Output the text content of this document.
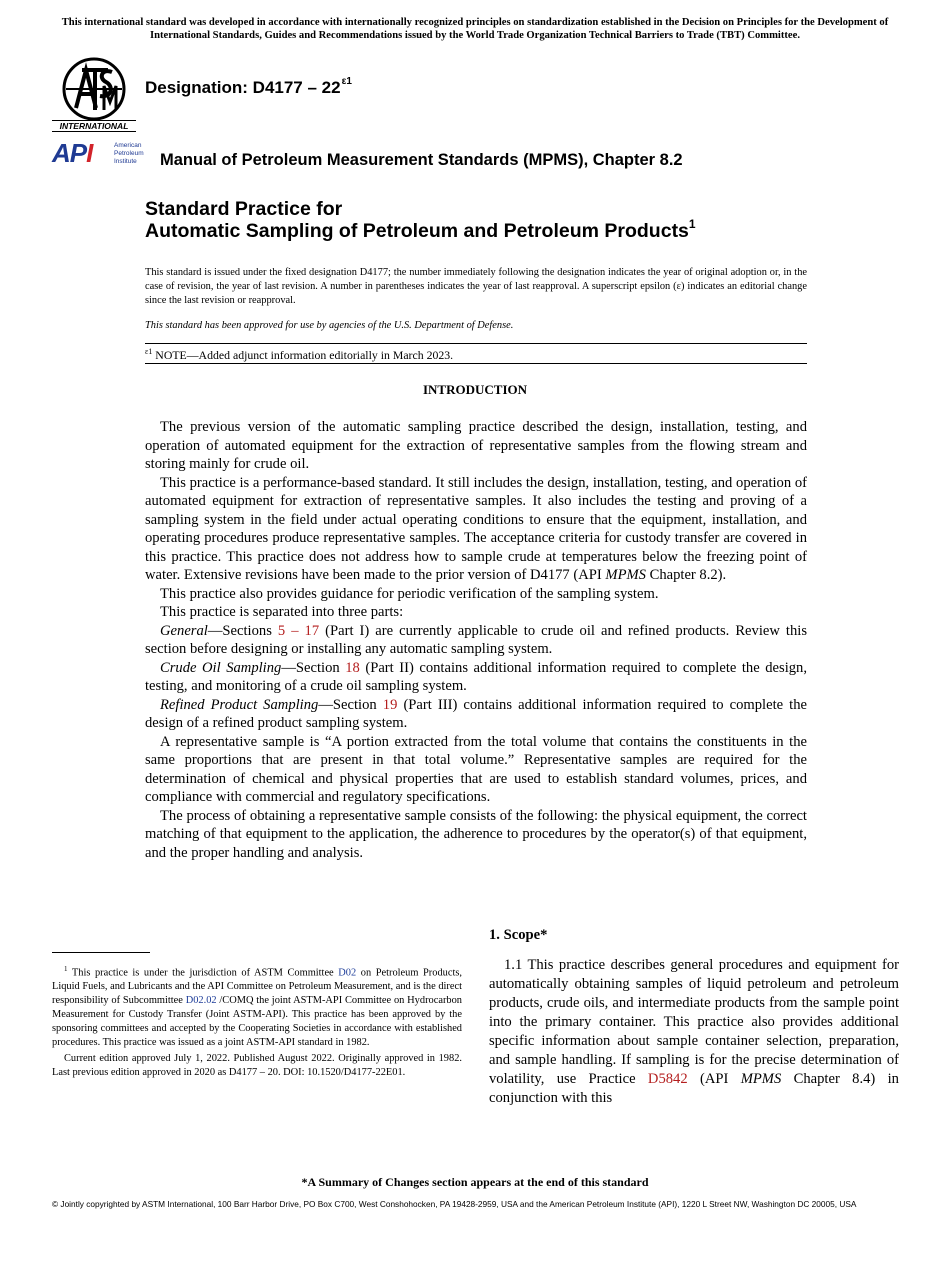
This international standard was developed in accordance with internationally recognized principles on standardization established in the Decision on Principles for the Development of International Standards, Guides and Recommendations issued by the World Trade Organization Technical Barriers to Trade (TBT) Committee.
INTERNATIONAL
Designation: $D4177 - 22^{\varepsilon 1}$
API	American
Petroleum
Institute	Manual of Petroleum Measurement Standards (MPMS), Chapter 8.2
Standard Practice for
Automatic Sampling of Petroleum and Petroleum Products$^1$
This standard is issued under the fixed designation D4177; the number immediately following the designation indicates the year of original adoption or, in the case of revision, the year of last revision. A number in parentheses indicates the year of last reapproval. A superscript epsilon (ε) indicates an editorial change since the last revision or reapproval.
This standard has been approved for use by agencies of the U.S. Department of Defense.
$^{\varepsilon 1}$ NOTE—Added adjunct information editorially in March 2023.
INTRODUCTION

The previous version of the automatic sampling practice described the design, installation, testing, and operation of automated equipment for the extraction of representative samples from the flowing stream and storing mainly for crude oil.

This practice is a performance-based standard. It still includes the design, installation, testing, and operation of automated equipment for extraction of representative samples. It also includes the testing and proving of a sampling system in the field under actual operating conditions to ensure that the equipment, installation, and operating procedures produce representative samples. The acceptance criteria for custody transfer are covered in this practice. This practice does not address how to sample crude at temperatures below the freezing point of water. Extensive revisions have been made to the prior version of D4177 (API MPMS Chapter 8.2).

This practice also provides guidance for periodic verification of the sampling system.

This practice is separated into three parts:

General—Sections 5 – 17 (Part I) are currently applicable to crude oil and refined products. Review this section before designing or installing any automatic sampling system.

Crude Oil Sampling—Section 18 (Part II) contains additional information required to complete the design, testing, and monitoring of a crude oil sampling system.

Refined Product Sampling—Section 19 (Part III) contains additional information required to complete the design of a refined product sampling system.

A representative sample is “A portion extracted from the total volume that contains the constituents in the same proportions that are present in that total volume.” Representative samples are required for the determination of chemical and physical properties that are used to establish standard volumes, prices, and compliance with commercial and regulatory specifications.

The process of obtaining a representative sample consists of the following: the physical equipment, the correct matching of that equipment to the application, the adherence to procedures by the operator(s) of that equipment, and the proper handling and analysis.

$^1$ This practice is under the jurisdiction of ASTM Committee D02 on Petroleum Products, Liquid Fuels, and Lubricants and the API Committee on Petroleum Measurement, and is the direct responsibility of Subcommittee D02.02 /COMQ the joint ASTM-API Committee on Hydrocarbon Measurement for Custody Transfer (Joint ASTM-API). This practice has been approved by the sponsoring committees and accepted by the Cooperating Societies in accordance with established procedures. This practice was issued as a joint ASTM-API standard in 1982.

Current edition approved July 1, 2022. Published August 2022. Originally approved in 1982. Last previous edition approved in 2020 as D4177 – 20. DOI: 10.1520/D4177-22E01.

1. Scope*

1.1 This practice describes general procedures and equipment for automatically obtaining samples of liquid petroleum and petroleum products, crude oils, and intermediate products from the sample point into the primary container. This practice also provides additional specific information about sample container selection, preparation, and sample handling. If sampling is for the precise determination of volatility, use Practice D5842 (API MPMS Chapter 8.4) in conjunction with this

*A Summary of Changes section appears at the end of this standard
© Jointly copyrighted by ASTM International, 100 Barr Harbor Drive, PO Box C700, West Conshohocken, PA 19428-2959, USA and the American Petroleum Institute (API), 1220 L Street NW, Washington DC 20005, USA
